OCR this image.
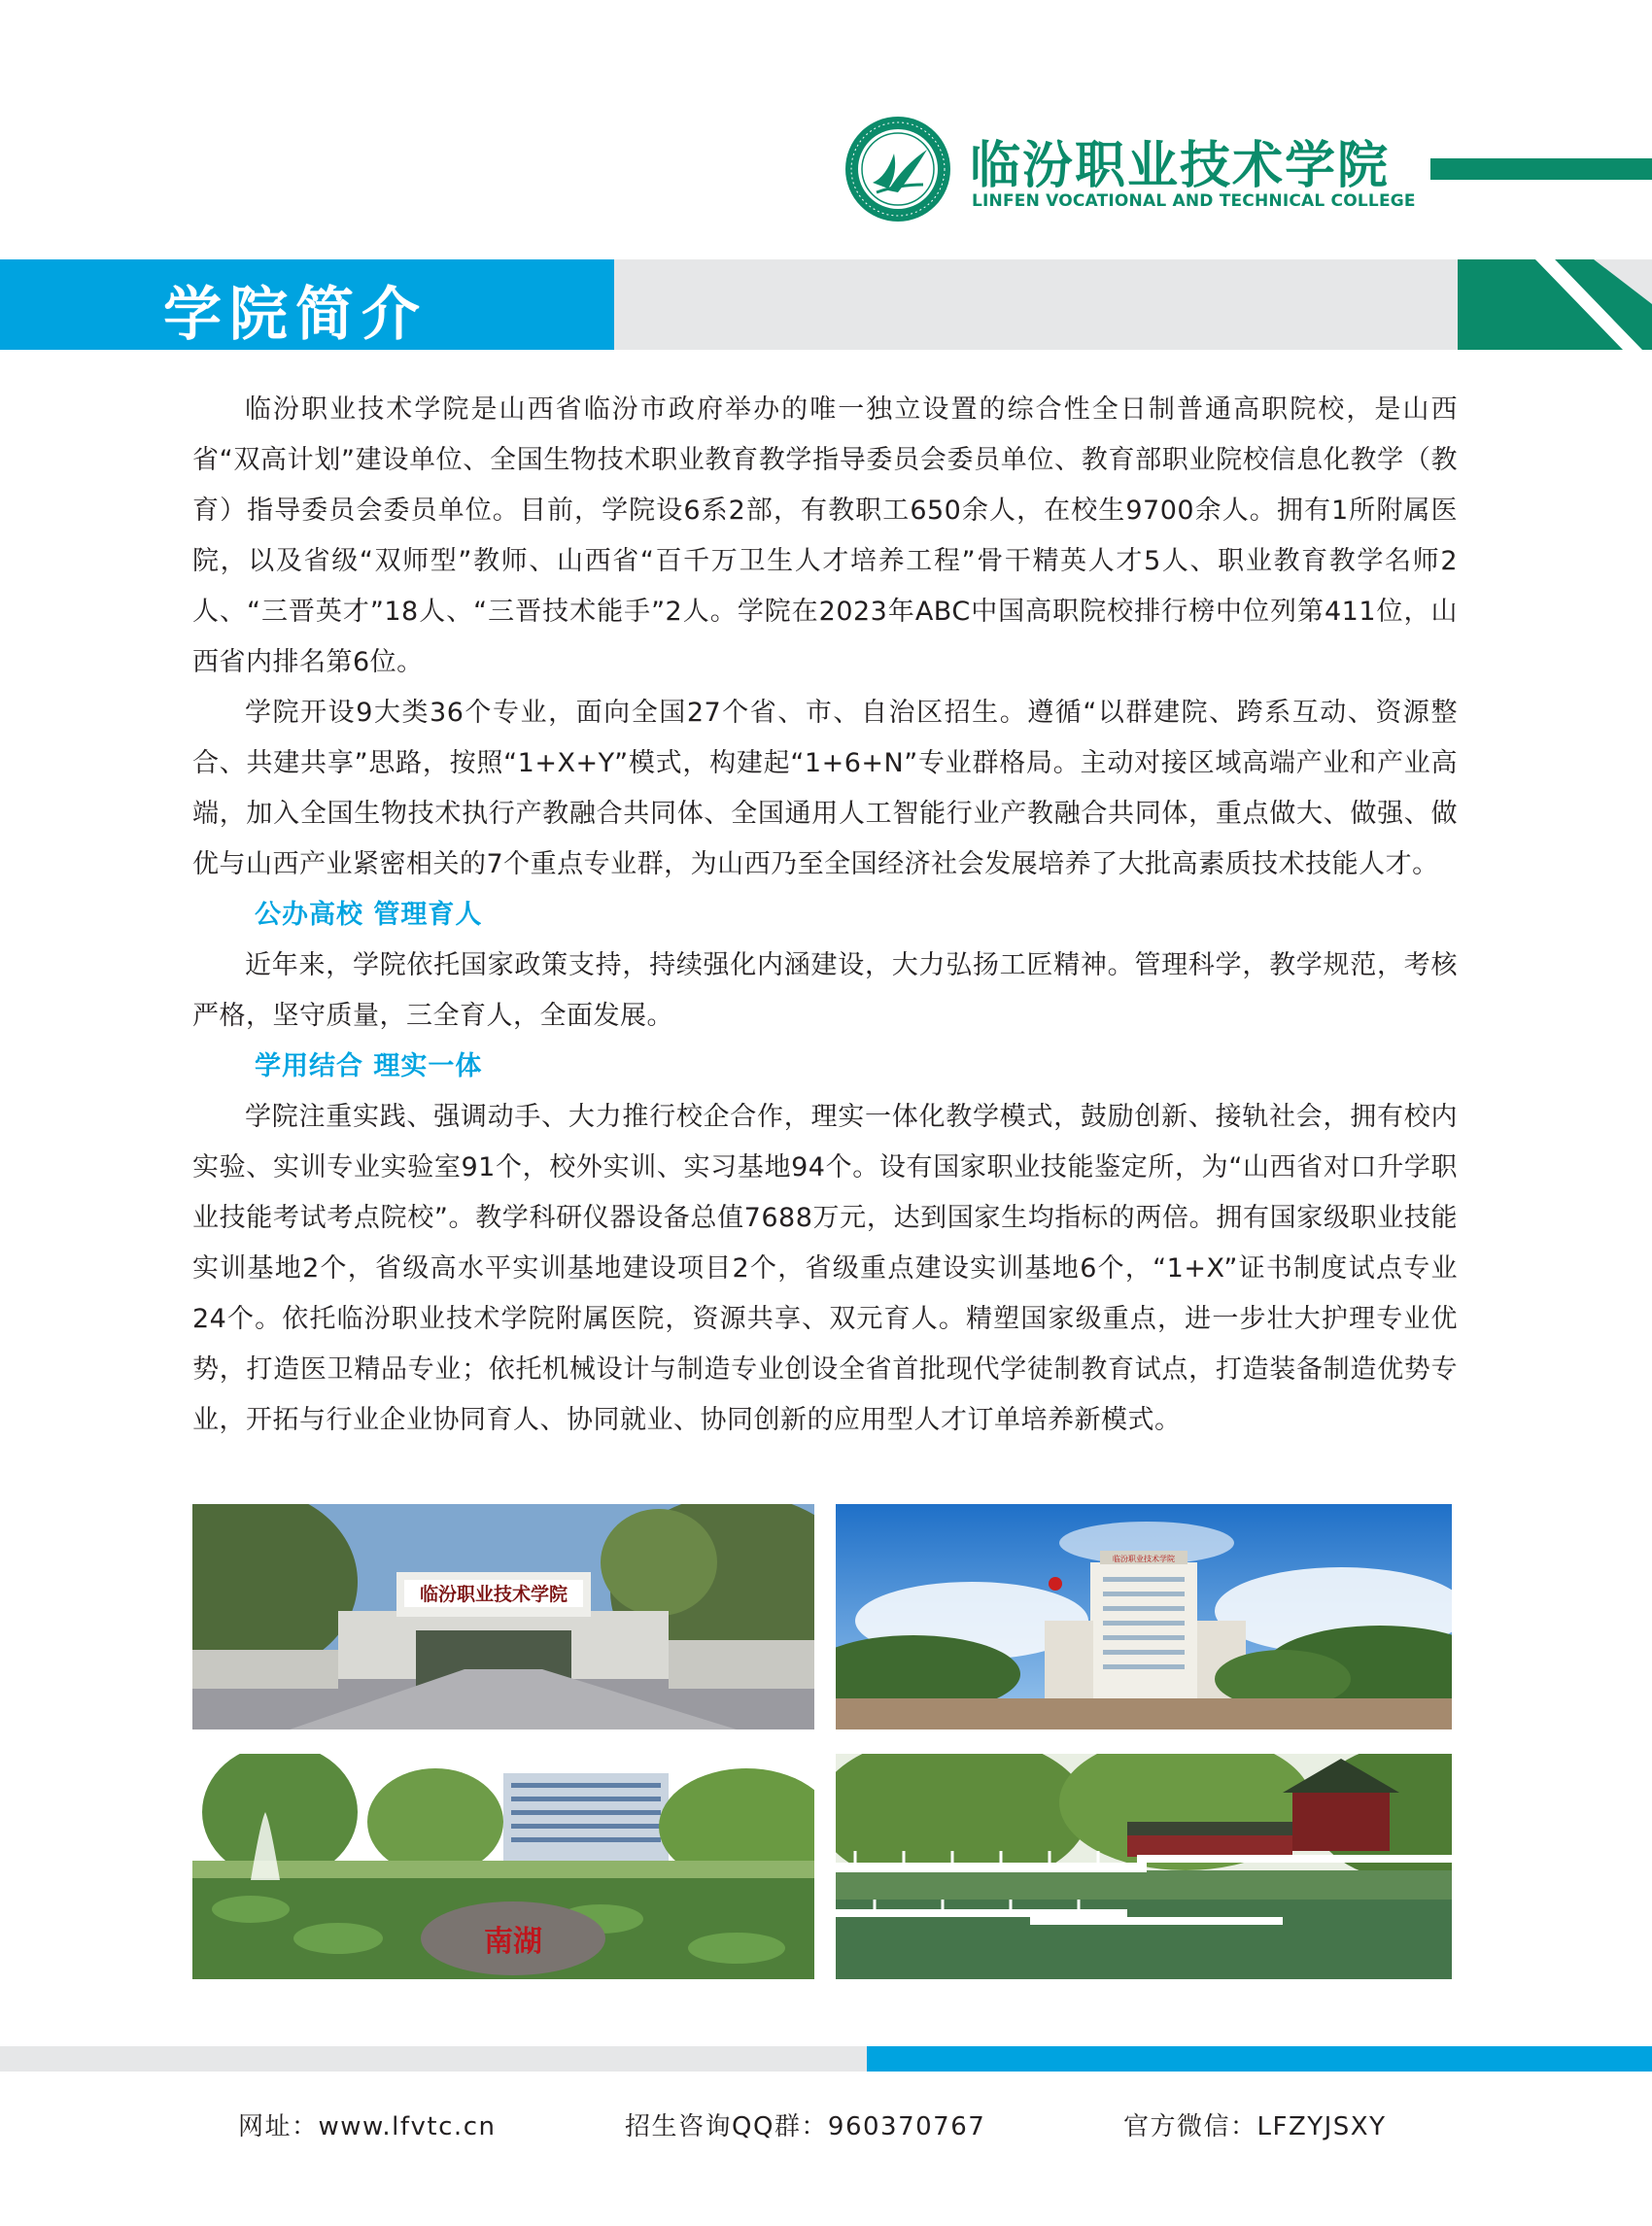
临汾职业技术学院
LINFEN VOCATIONAL AND TECHNICAL COLLEGE
学院简介

临汾职业技术学院是山西省临汾市政府举办的唯一独立设置的综合性全日制普通高职院校，是山西省“双高计划”建设单位、全国生物技术职业教育教学指导委员会委员单位、教育部职业院校信息化教学（教育）指导委员会委员单位。目前，学院设6系2部，有教职工650余人，在校生9700余人。拥有1所附属医院，以及省级“双师型”教师、山西省“百千万卫生人才培养工程”骨干精英人才5人、职业教育教学名师2人、“三晋英才”18人、“三晋技术能手”2人。学院在2023年ABC中国高职院校排行榜中位列第411位，山西省内排名第6位。

学院开设9大类36个专业，面向全国27个省、市、自治区招生。遵循“以群建院、跨系互动、资源整合、共建共享”思路，按照“1+X+Y”模式，构建起“1+6+N”专业群格局。主动对接区域高端产业和产业高端，加入全国生物技术执行产教融合共同体、全国通用人工智能行业产教融合共同体，重点做大、做强、做优与山西产业紧密相关的7个重点专业群，为山西乃至全国经济社会发展培养了大批高素质技术技能人才。

公办高校 管理育人

近年来，学院依托国家政策支持，持续强化内涵建设，大力弘扬工匠精神。管理科学，教学规范，考核严格，坚守质量，三全育人，全面发展。

学用结合 理实一体

学院注重实践、强调动手、大力推行校企合作，理实一体化教学模式，鼓励创新、接轨社会，拥有校内实验、实训专业实验室91个，校外实训、实习基地94个。设有国家职业技能鉴定所，为“山西省对口升学职业技能考试考点院校”。教学科研仪器设备总值7688万元，达到国家生均指标的两倍。拥有国家级职业技能实训基地2个，省级高水平实训基地建设项目2个，省级重点建设实训基地6个，“1+X”证书制度试点专业24个。依托临汾职业技术学院附属医院，资源共享、双元育人。精塑国家级重点，进一步壮大护理专业优势，打造医卫精品专业；依托机械设计与制造专业创设全省首批现代学徒制教育试点，打造装备制造优势专业，开拓与行业企业协同育人、协同就业、协同创新的应用型人才订单培养新模式。

临汾职业技术学院
临汾职业技术学院
南湖
网址：www.lfvtc.cn	招生咨询QQ群：960370767	官方微信：LFZYJSXY
